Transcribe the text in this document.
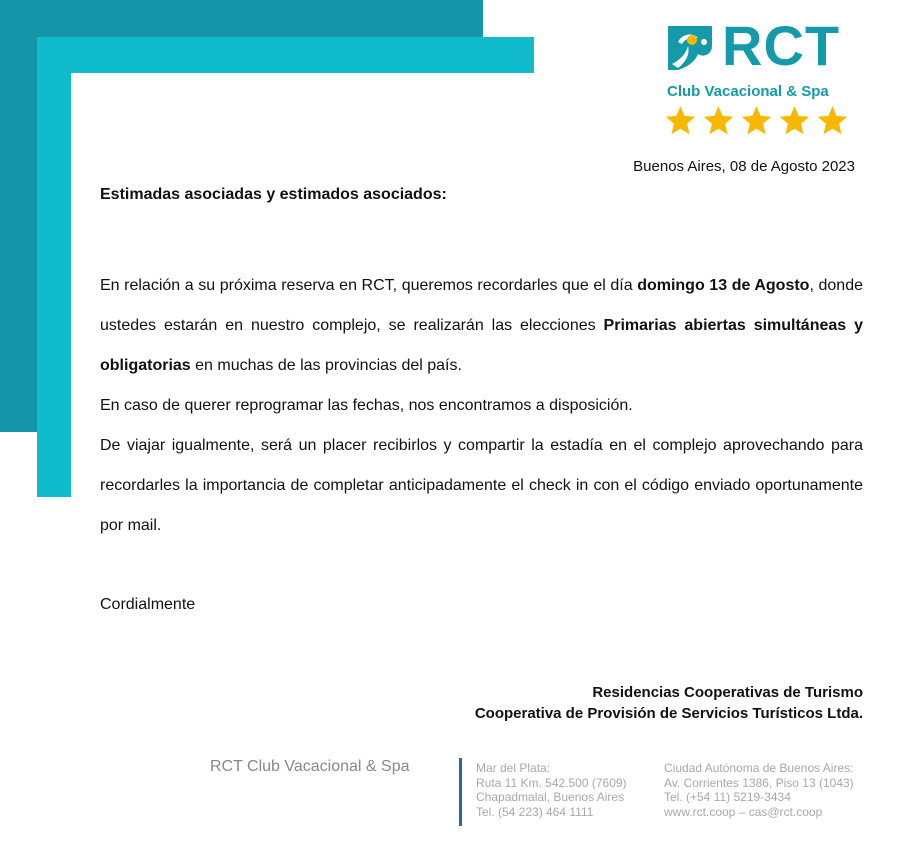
RCT
Club Vacacional & Spa
Buenos Aires, 08 de Agosto 2023
Estimadas asociadas y estimados asociados:

En relación a su próxima reserva en RCT, queremos recordarles que el día domingo 13 de Agosto, donde ustedes estarán en nuestro complejo, se realizarán las elecciones Primarias abiertas simultáneas y obligatorias en muchas de las provincias del país.

En caso de querer reprogramar las fechas, nos encontramos a disposición.

De viajar igualmente, será un placer recibirlos y compartir la estadía en el complejo aprovechando para recordarles la importancia de completar anticipadamente el check in con el código enviado oportunamente por mail.

Cordialmente
Residencias Cooperativas de Turismo
Cooperativa de Provisión de Servicios Turísticos Ltda.
RCT Club Vacacional & Spa	Mar del Plata:
Ruta 11 Km. 542.500 (7609)
Chapadmalal, Buenos Aires
Tel. (54 223) 464 1111
Ciudad Autónoma de Buenos Aires:
Av. Corrientes 1386, Piso 13 (1043)
Tel. (+54 11) 5219-3434
www.rct.coop – cas@rct.coop
